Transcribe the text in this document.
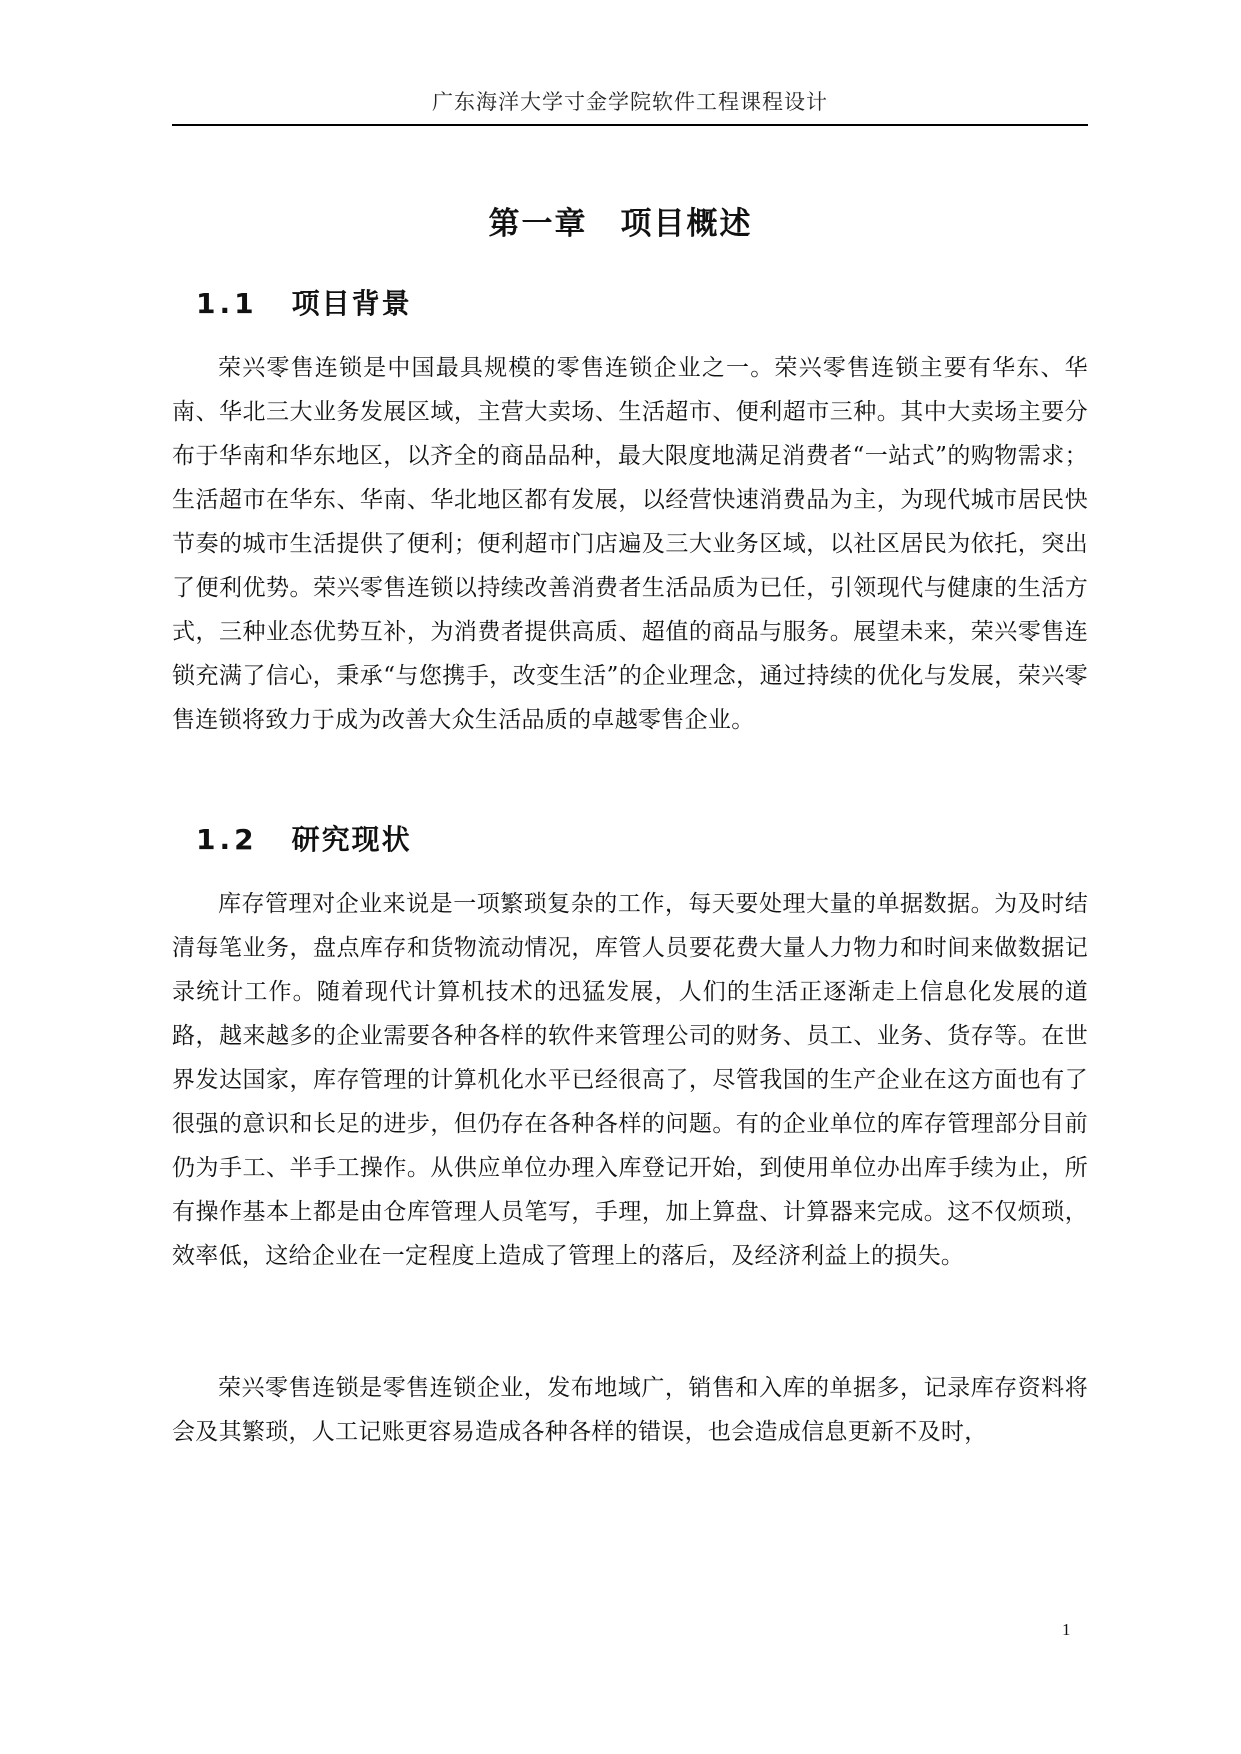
广东海洋大学寸金学院软件工程课程设计
第一章　项目概述
1.1 项目背景

荣兴零售连锁是中国最具规模的零售连锁企业之一。荣兴零售连锁主要有华东、华南、华北三大业务发展区域，主营大卖场、生活超市、便利超市三种。其中大卖场主要分布于华南和华东地区，以齐全的商品品种，最大限度地满足消费者“一站式”的购物需求；生活超市在华东、华南、华北地区都有发展，以经营快速消费品为主，为现代城市居民快节奏的城市生活提供了便利；便利超市门店遍及三大业务区域，以社区居民为依托，突出了便利优势。荣兴零售连锁以持续改善消费者生活品质为已任，引领现代与健康的生活方式，三种业态优势互补，为消费者提供高质、超值的商品与服务。展望未来，荣兴零售连锁充满了信心，秉承“与您携手，改变生活”的企业理念，通过持续的优化与发展，荣兴零售连锁将致力于成为改善大众生活品质的卓越零售企业。

1.2 研究现状

库存管理对企业来说是一项繁琐复杂的工作，每天要处理大量的单据数据。为及时结清每笔业务，盘点库存和货物流动情况，库管人员要花费大量人力物力和时间来做数据记录统计工作。随着现代计算机技术的迅猛发展，人们的生活正逐渐走上信息化发展的道路，越来越多的企业需要各种各样的软件来管理公司的财务、员工、业务、货存等。在世界发达国家，库存管理的计算机化水平已经很高了，尽管我国的生产企业在这方面也有了很强的意识和长足的进步，但仍存在各种各样的问题。有的企业单位的库存管理部分目前仍为手工、半手工操作。从供应单位办理入库登记开始，到使用单位办出库手续为止，所有操作基本上都是由仓库管理人员笔写，手理，加上算盘、计算器来完成。这不仅烦琐，效率低，这给企业在一定程度上造成了管理上的落后，及经济利益上的损失。

荣兴零售连锁是零售连锁企业，发布地域广，销售和入库的单据多，记录库存资料将会及其繁琐，人工记账更容易造成各种各样的错误，也会造成信息更新不及时，

1
